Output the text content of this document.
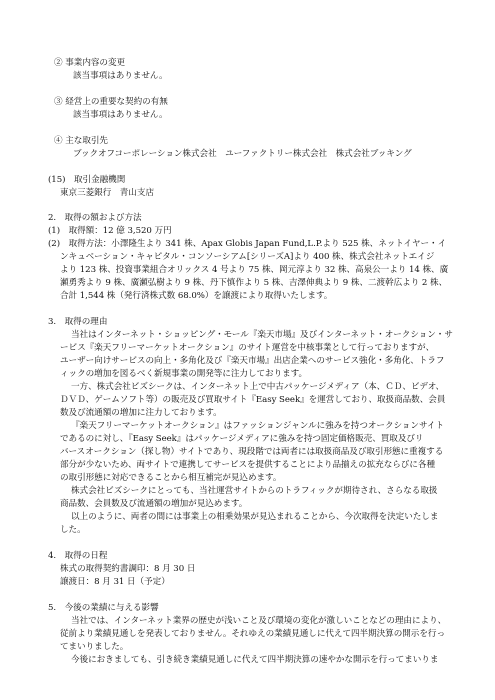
② 事業内容の変更
該当事項はありません。
③ 経営上の重要な契約の有無
該当事項はありません。
④ 主な取引先
ブックオフコーポレーション株式会社　ユーファクトリー株式会社　株式会社ブッキング
(15)　取引金融機関
東京三菱銀行　青山支店
2.　取得の額および方法
(1)　取得額：12 億 3,520 万円
(2)　取得方法：小澤隆生より 341 株、Apax Globis Japan Fund,L.P.より 525 株、ネットイヤー・イ
ンキュベーション・キャピタル・コンソーシアム[シリーズA]より 400 株、株式会社ネットエイジ
より 123 株、投資事業組合オリックス 4 号より 75 株、岡元淳より 32 株、高泉公一より 14 株、廣
瀬勇秀より 9 株、廣瀬弘樹より 9 株、丹下慎作より 5 株、吉澤伸典より 9 株、二渡幹広より 2 株、
合計 1,544 株（発行済株式数 68.0%）を譲渡により取得いたします。
3.　取得の理由
当社はインターネット・ショッピング・モール『楽天市場』及びインターネット・オークション・サ
ービス『楽天フリーマーケットオークション』のサイト運営を中核事業として行っておりますが、
ユーザー向けサービスの向上・多角化及び『楽天市場』出店企業へのサービス強化・多角化、トラフ
ィックの増加を図るべく新規事業の開発等に注力しております。
一方、株式会社ビズシークは、インターネット上で中古パッケージメディア（本、ＣＤ、ビデオ、
ＤＶＤ、ゲームソフト等）の販売及び買取サイト『Easy Seek』を運営しており、取扱商品数、会員
数及び流通額の増加に注力しております。
『楽天フリーマーケットオークション』はファッションジャンルに強みを持つオークションサイト
であるのに対し、『Easy Seek』はパッケージメディアに強みを持つ固定価格販売、買取及びリ
バースオークション（探し物）サイトであり、現段階では両者には取扱商品及び取引形態に重複する
部分が少ないため、両サイトで連携してサービスを提供することにより品揃えの拡充ならびに各種
の取引形態に対応できることから相互補完が見込めます。
株式会社ビズシークにとっても、当社運営サイトからのトラフィックが期待され、さらなる取扱
商品数、会員数及び流通額の増加が見込めます。
以上のように、両者の間には事業上の相乗効果が見込まれることから、今次取得を決定いたしま
した。
4.　取得の日程
株式の取得契約書調印：8 月 30 日
譲渡日：8 月 31 日（予定）
5.　今後の業績に与える影響
当社では、インターネット業界の歴史が浅いこと及び環境の変化が激しいことなどの理由により、
従前より業績見通しを発表しておりません。それゆえの業績見通しに代えて四半期決算の開示を行っ
てまいりました。
今後におきましても、引き続き業績見通しに代えて四半期決算の速やかな開示を行ってまいりま
